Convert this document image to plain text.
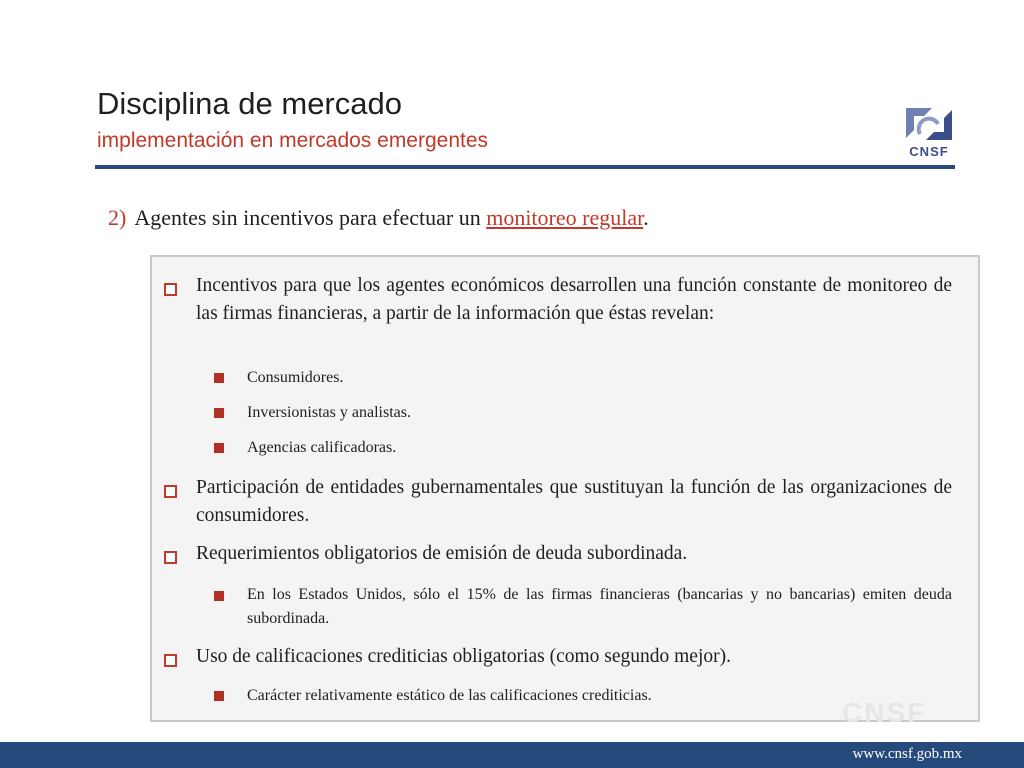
Disciplina de mercado
implementación en mercados emergentes	CNSF
2) Agentes sin incentivos para efectuar un monitoreo regular.
CNSF
Incentivos para que los agentes económicos desarrollen una función constante de monitoreo de las firmas financieras, a partir de la información que éstas revelan:
Consumidores.
Inversionistas y analistas.
Agencias calificadoras.
Participación de entidades gubernamentales que sustituyan la función de las organizaciones de consumidores.
Requerimientos obligatorios de emisión de deuda subordinada.
En los Estados Unidos, sólo el 15% de las firmas financieras (bancarias y no bancarias) emiten deuda subordinada.
Uso de calificaciones crediticias obligatorias (como segundo mejor).
Carácter relativamente estático de las calificaciones crediticias.
www.cnsf.gob.mx
